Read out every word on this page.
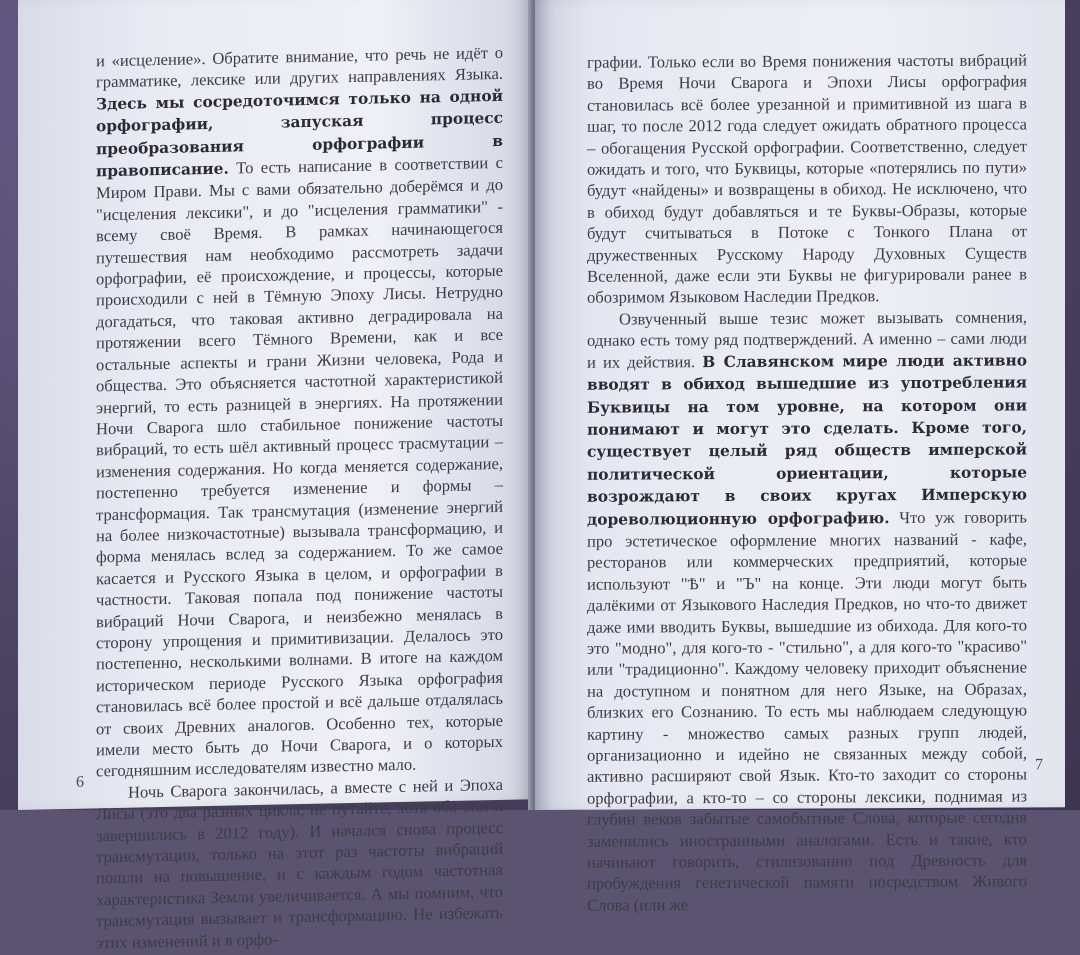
и «исцеление». Обратите внимание, что речь не идёт о грамматике, лексике или других направлениях Языка. Здесь мы сосредоточимся только на одной орфографии, запуская процесс преобразования орфографии в правописание. То есть написание в соответствии с Миром Прави. Мы с вами обязательно доберёмся и до "исцеления лексики", и до "исцеления грамматики" - всему своё Время. В рамках начинающегося путешествия нам необходимо рассмотреть задачи орфографии, её происхождение, и процессы, которые происходили с ней в Тёмную Эпоху Лисы. Нетрудно догадаться, что таковая активно деградировала на протяжении всего Тёмного Времени, как и все остальные аспекты и грани Жизни человека, Рода и общества. Это объясняется частотной характеристикой энергий, то есть разницей в энергиях. На протяжении Ночи Сварога шло стабильное понижение частоты вибраций, то есть шёл активный процесс трасмутации – изменения содержания. Но когда меняется содержание, постепенно требуется изменение и формы – трансформация. Так трансмутация (изменение энергий на более низкочастотные) вызывала трансформацию, и форма менялась вслед за содержанием. То же самое касается и Русского Языка в целом, и орфографии в частности. Таковая попала под понижение частоты вибраций Ночи Сварога, и неизбежно менялась в сторону упрощения и примитивизации. Делалось это постепенно, несколькими волнами. В итоге на каждом историческом периоде Русского Языка орфография становилась всё более простой и всё дальше отдалялась от своих Древних аналогов. Особенно тех, которые имели место быть до Ночи Сварога, и о которых сегодняшним исследователям известно мало.

Ночь Сварога закончилась, а вместе с ней и Эпоха Лисы (это два разных цикла, не путайте, хотя оба они и завершились в 2012 году). И начался снова процесс трансмутации, только на этот раз частоты вибраций пошли на повышение, и с каждым годом частотная характеристика Земли увеличивается. А мы помним, что трансмутация вызывает и трансформацию. Не избежать этих изменений и в орфо-

6

графии. Только если во Время понижения частоты вибраций во Время Ночи Сварога и Эпохи Лисы орфография становилась всё более урезанной и примитивной из шага в шаг, то после 2012 года следует ожидать обратного процесса – обогащения Русской орфографии. Соответственно, следует ожидать и того, что Буквицы, которые «потерялись по пути» будут «найдены» и возвращены в обиход. Не исключено, что в обиход будут добавляться и те Буквы-Образы, которые будут считываться в Потоке с Тонкого Плана от дружественных Русскому Народу Духовных Существ Вселенной, даже если эти Буквы не фигурировали ранее в обозримом Языковом Наследии Предков.

Озвученный выше тезис может вызывать сомнения, однако есть тому ряд подтверждений. А именно – сами люди и их действия. В Славянском мире люди активно вводят в обиход вышедшие из употребления Буквицы на том уровне, на котором они понимают и могут это сделать. Кроме того, существует целый ряд обществ имперской политической ориентации, которые возрождают в своих кругах Имперскую дореволюционную орфографию. Что уж говорить про эстетическое оформление многих названий - кафе, ресторанов или коммерческих предприятий, которые используют "Ѣ" и "Ъ" на конце. Эти люди могут быть далёкими от Языкового Наследия Предков, но что-то движет даже ими вводить Буквы, вышедшие из обихода. Для кого-то это "модно", для кого-то - "стильно", а для кого-то "красиво" или "традиционно". Каждому человеку приходит объяснение на доступном и понятном для него Языке, на Образах, близких его Сознанию. То есть мы наблюдаем следующую картину - множество самых разных групп людей, организационно и идейно не связанных между собой, активно расширяют свой Язык. Кто-то заходит со стороны орфографии, а кто-то – со стороны лексики, поднимая из глубин веков забытые самобытные Слова, которые сегодня заменились иностранными аналогами. Есть и такие, кто начинают говорить, стилизованно под Древность для пробуждения генетической памяти посредством Живого Слова (или же

7
